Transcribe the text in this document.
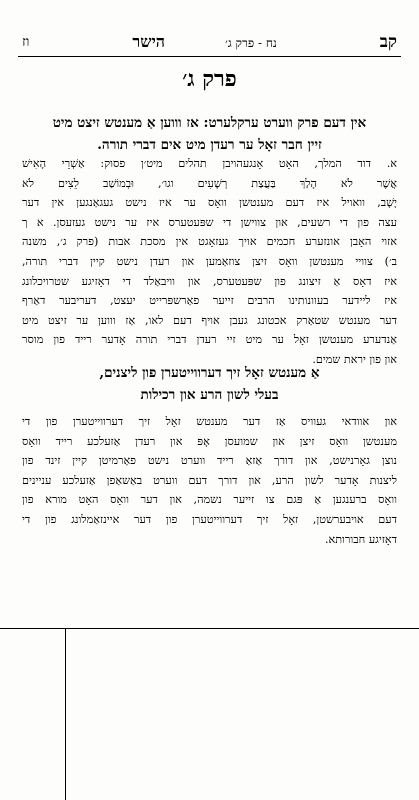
קב
נח - פרק ג׳
הישר
וז
פרק ג׳
אין דעם פרק ווערט ערקלערט: אז וווען אַ מענטש זיצט מיט
זיין חבר זאָל ער רעדן מיט אים דברי תורה.
א. דוד המלך, האָט אָנגעהויבן תהלים מיט׳ן פסוק: אַשְׁרֵי הָאִישׁ
אֲשֶׁר לֹא הָלַךְ בַּעֲצַת רְשָׁעִים וגו׳, וּבְמוֹשַׁב לֵצִים לֹא
יָשָׁב, וואויל איז דעם מענטשן וואָס ער איז נישט געגאַנגען אין דער
עצה פון די רשעים, און צווישן די שפּעטערס איז ער נישט געזעסן. א ך
אזוי האָבן אונזערע חכמים אויך געזאָגט אין מסכת אבות (פרק ג׳, משנה
ב׳) צוויי מענטשן וואָס זיצן צוזאַמען און רעדן נישט קיין דברי תורה,
איז דאָס אַ זיצונג פון שפּעטערס, און וויבאַלד די דאָזיגע שטרויכלונג
איז ליידער בעוונותינו הרבים זייער פאַרשפּרייט יעצט, דעריבער דאַרף
דער מענטש שטאַרק אכטונג געבן אויף דעם לאו, אַז וווען ער זיצט מיט
אַנדערע מענטשן זאָל ער מיט זיי רעדן דברי תורה אָדער רייד פון מוסר
און פון יראת שמים.
אַ מענטש זאָל זיך דערווייטערן פון ליצנים,
בעלי לשון הרע און רכילות
און אוודאי געוויס אַז דער מענטש זאָל זיך דערווייטערן פון די
מענטשן וואָס זיצן און שמועסן אָפּ און רעדן אַזעלכע רייד וואָס
נוצן גאָרנישט, און דורך אַזאַ רייד ווערט נישט פאַרמיטן קיין זינד פון
ליצנות אָדער לשון הרע, און דורך דעם ווערט באַשאַפן אַזעלכע עניינים
וואָס ברענגען אַ פּגם צו זייער נשמה, און דער וואָס האָט מורא פון
דעם אויבערשטן, זאָל זיך דערווייטערן פון דער איינזאַמלונג פון די
דאָזיגע חבורותא.
